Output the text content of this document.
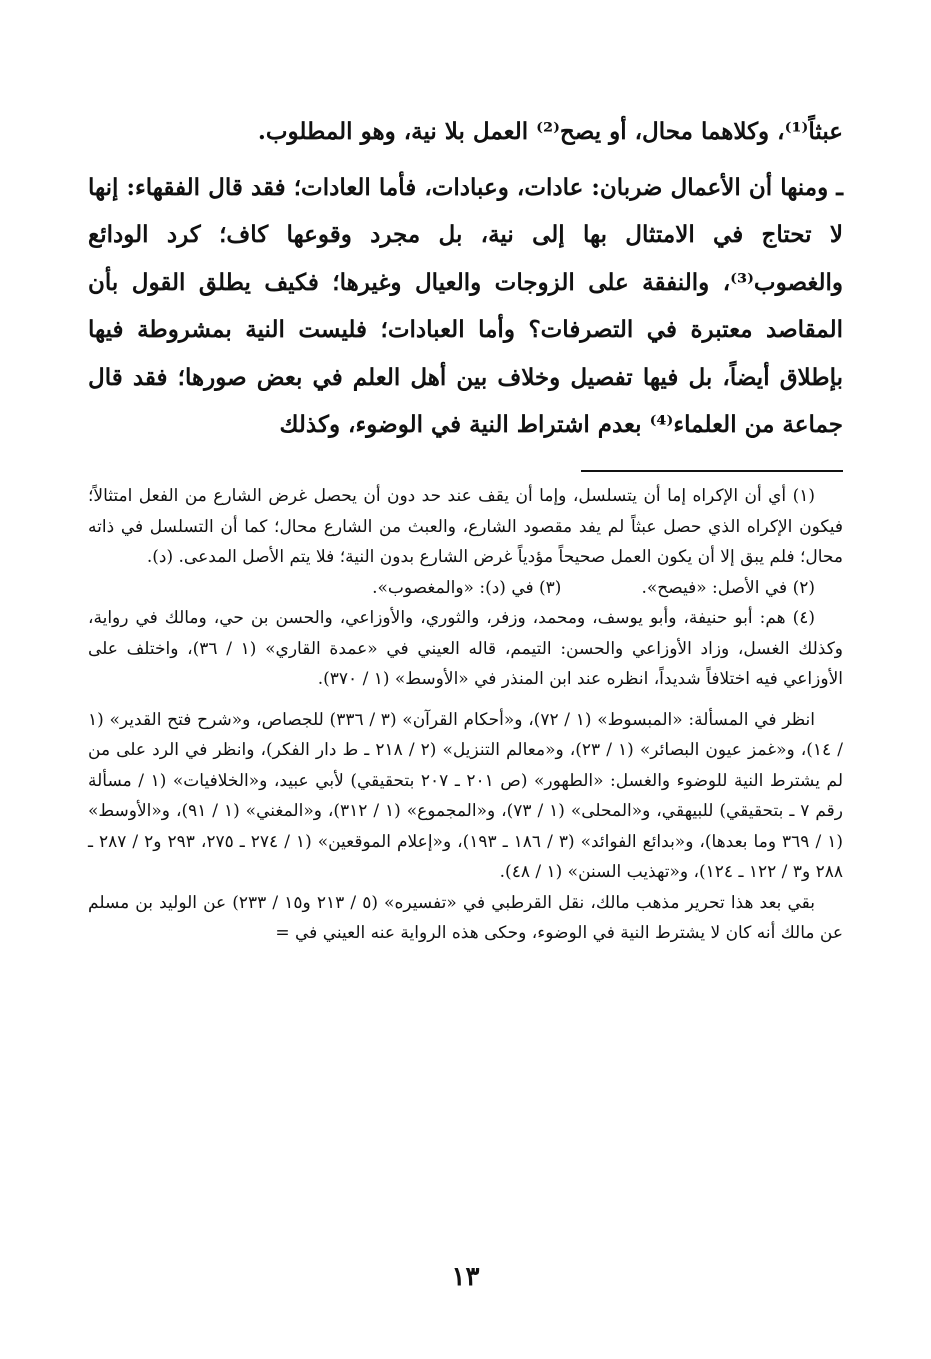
عبثاً⁽¹⁾، وكلاهما محال، أو يصح⁽²⁾ العمل بلا نية، وهو المطلوب.

ـ ومنها أن الأعمال ضربان: عادات، وعبادات، فأما العادات؛ فقد قال الفقهاء: إنها لا تحتاج في الامتثال بها إلى نية، بل مجرد وقوعها كاف؛ كرد الودائع والغصوب⁽³⁾، والنفقة على الزوجات والعيال وغيرها؛ فكيف يطلق القول بأن المقاصد معتبرة في التصرفات؟ وأما العبادات؛ فليست النية بمشروطة فيها بإطلاق أيضاً، بل فيها تفصيل وخلاف بين أهل العلم في بعض صورها؛ فقد قال جماعة من العلماء⁽⁴⁾ بعدم اشتراط النية في الوضوء، وكذلك

(١) أي أن الإكراه إما أن يتسلسل، وإما أن يقف عند حد دون أن يحصل غرض الشارع من الفعل امتثالاً؛ فيكون الإكراه الذي حصل عبثاً لم يفد مقصود الشارع، والعبث من الشارع محال؛ كما أن التسلسل في ذاته محال؛ فلم يبق إلا أن يكون العمل صحيحاً مؤدياً غرض الشارع بدون النية؛ فلا يتم الأصل المدعى. (د).

(٢) في الأصل: «فيصح».
(٣) في (د): «والمغصوب».

(٤) هم: أبو حنيفة، وأبو يوسف، ومحمد، وزفر، والثوري، والأوزاعي، والحسن بن حي، ومالك في رواية، وكذلك الغسل، وزاد الأوزاعي والحسن: التيمم، قاله العيني في «عمدة القاري» (١ / ٣٦)، واختلف على الأوزاعي فيه اختلافاً شديداً، انظره عند ابن المنذر في «الأوسط» (١ / ٣٧٠).

انظر في المسألة: «المبسوط» (١ / ٧٢)، و«أحكام القرآن» (٣ / ٣٣٦) للجصاص، و«شرح فتح القدير» (١ / ١٤)، و«غمز عيون البصائر» (١ / ٢٣)، و«معالم التنزيل» (٢ / ٢١٨ ـ ط دار الفكر)، وانظر في الرد على من لم يشترط النية للوضوء والغسل: «الطهور» (ص ٢٠١ ـ ٢٠٧ بتحقيقي) لأبي عبيد، و«الخلافيات» (١ / مسألة رقم ٧ ـ بتحقيقي) للبيهقي، و«المحلى» (١ / ٧٣)، و«المجموع» (١ / ٣١٢)، و«المغني» (١ / ٩١)، و«الأوسط» (١ / ٣٦٩ وما بعدها)، و«بدائع الفوائد» (٣ / ١٨٦ ـ ١٩٣)، و«إعلام الموقعين» (١ / ٢٧٤ ـ ٢٧٥، ٢٩٣ و٢ / ٢٨٧ ـ ٢٨٨ و٣ / ١٢٢ ـ ١٢٤)، و«تهذيب السنن» (١ / ٤٨).

بقي بعد هذا تحرير مذهب مالك، نقل القرطبي في «تفسيره» (٥ / ٢١٣ و١٥ / ٢٣٣) عن الوليد بن مسلم عن مالك أنه كان لا يشترط النية في الوضوء، وحكى هذه الرواية عنه العيني في =

١٣
